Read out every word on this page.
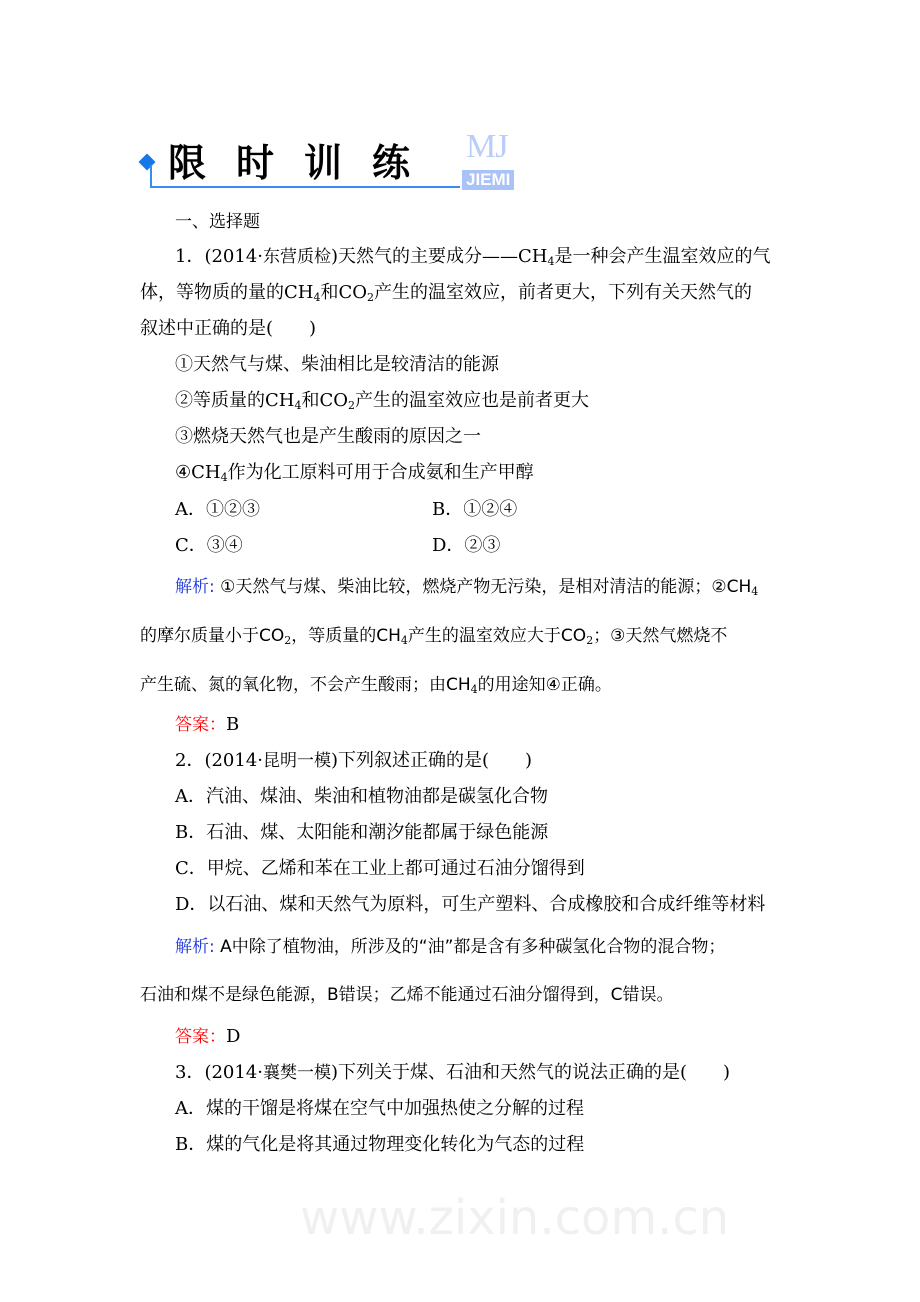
www.zixin.com.cn
限时训练 MJ
JIEMI
一、选择题
1．(2014·东营质检)天然气的主要成分$——CH_4$是一种会产生温室效应的气
体，等物质的量的$CH_4$和$CO_2$产生的温室效应，前者更大，下列有关天然气的
叙述中正确的是(　　)
①天然气与煤、柴油相比是较清洁的能源
②等质量的$CH_4$和$CO_2$产生的温室效应也是前者更大
③燃烧天然气也是产生酸雨的原因之一
$④CH_4$作为化工原料可用于合成氨和生产甲醇
A．①②③	B．①②④
C．③④	D．②③
解析: ①天然气与煤、柴油比较，燃烧产物无污染，是相对清洁的能源；$②CH_4$
的摩尔质量小于$CO_2$，等质量的$CH_4$产生的温室效应大于$CO_2$；③天然气燃烧不
产生硫、氮的氧化物，不会产生酸雨；由$CH_4$的用途知④正确。
答案：B
2．(2014·昆明一模)下列叙述正确的是(　　)
A．汽油、煤油、柴油和植物油都是碳氢化合物
B．石油、煤、太阳能和潮汐能都属于绿色能源
C．甲烷、乙烯和苯在工业上都可通过石油分馏得到
D．以石油、煤和天然气为原料，可生产塑料、合成橡胶和合成纤维等材料
解析: A中除了植物油，所涉及的“油”都是含有多种碳氢化合物的混合物；
石油和煤不是绿色能源，B错误；乙烯不能通过石油分馏得到，C错误。
答案：D
3．(2014·襄樊一模)下列关于煤、石油和天然气的说法正确的是(　　)
A．煤的干馏是将煤在空气中加强热使之分解的过程
B．煤的气化是将其通过物理变化转化为气态的过程
